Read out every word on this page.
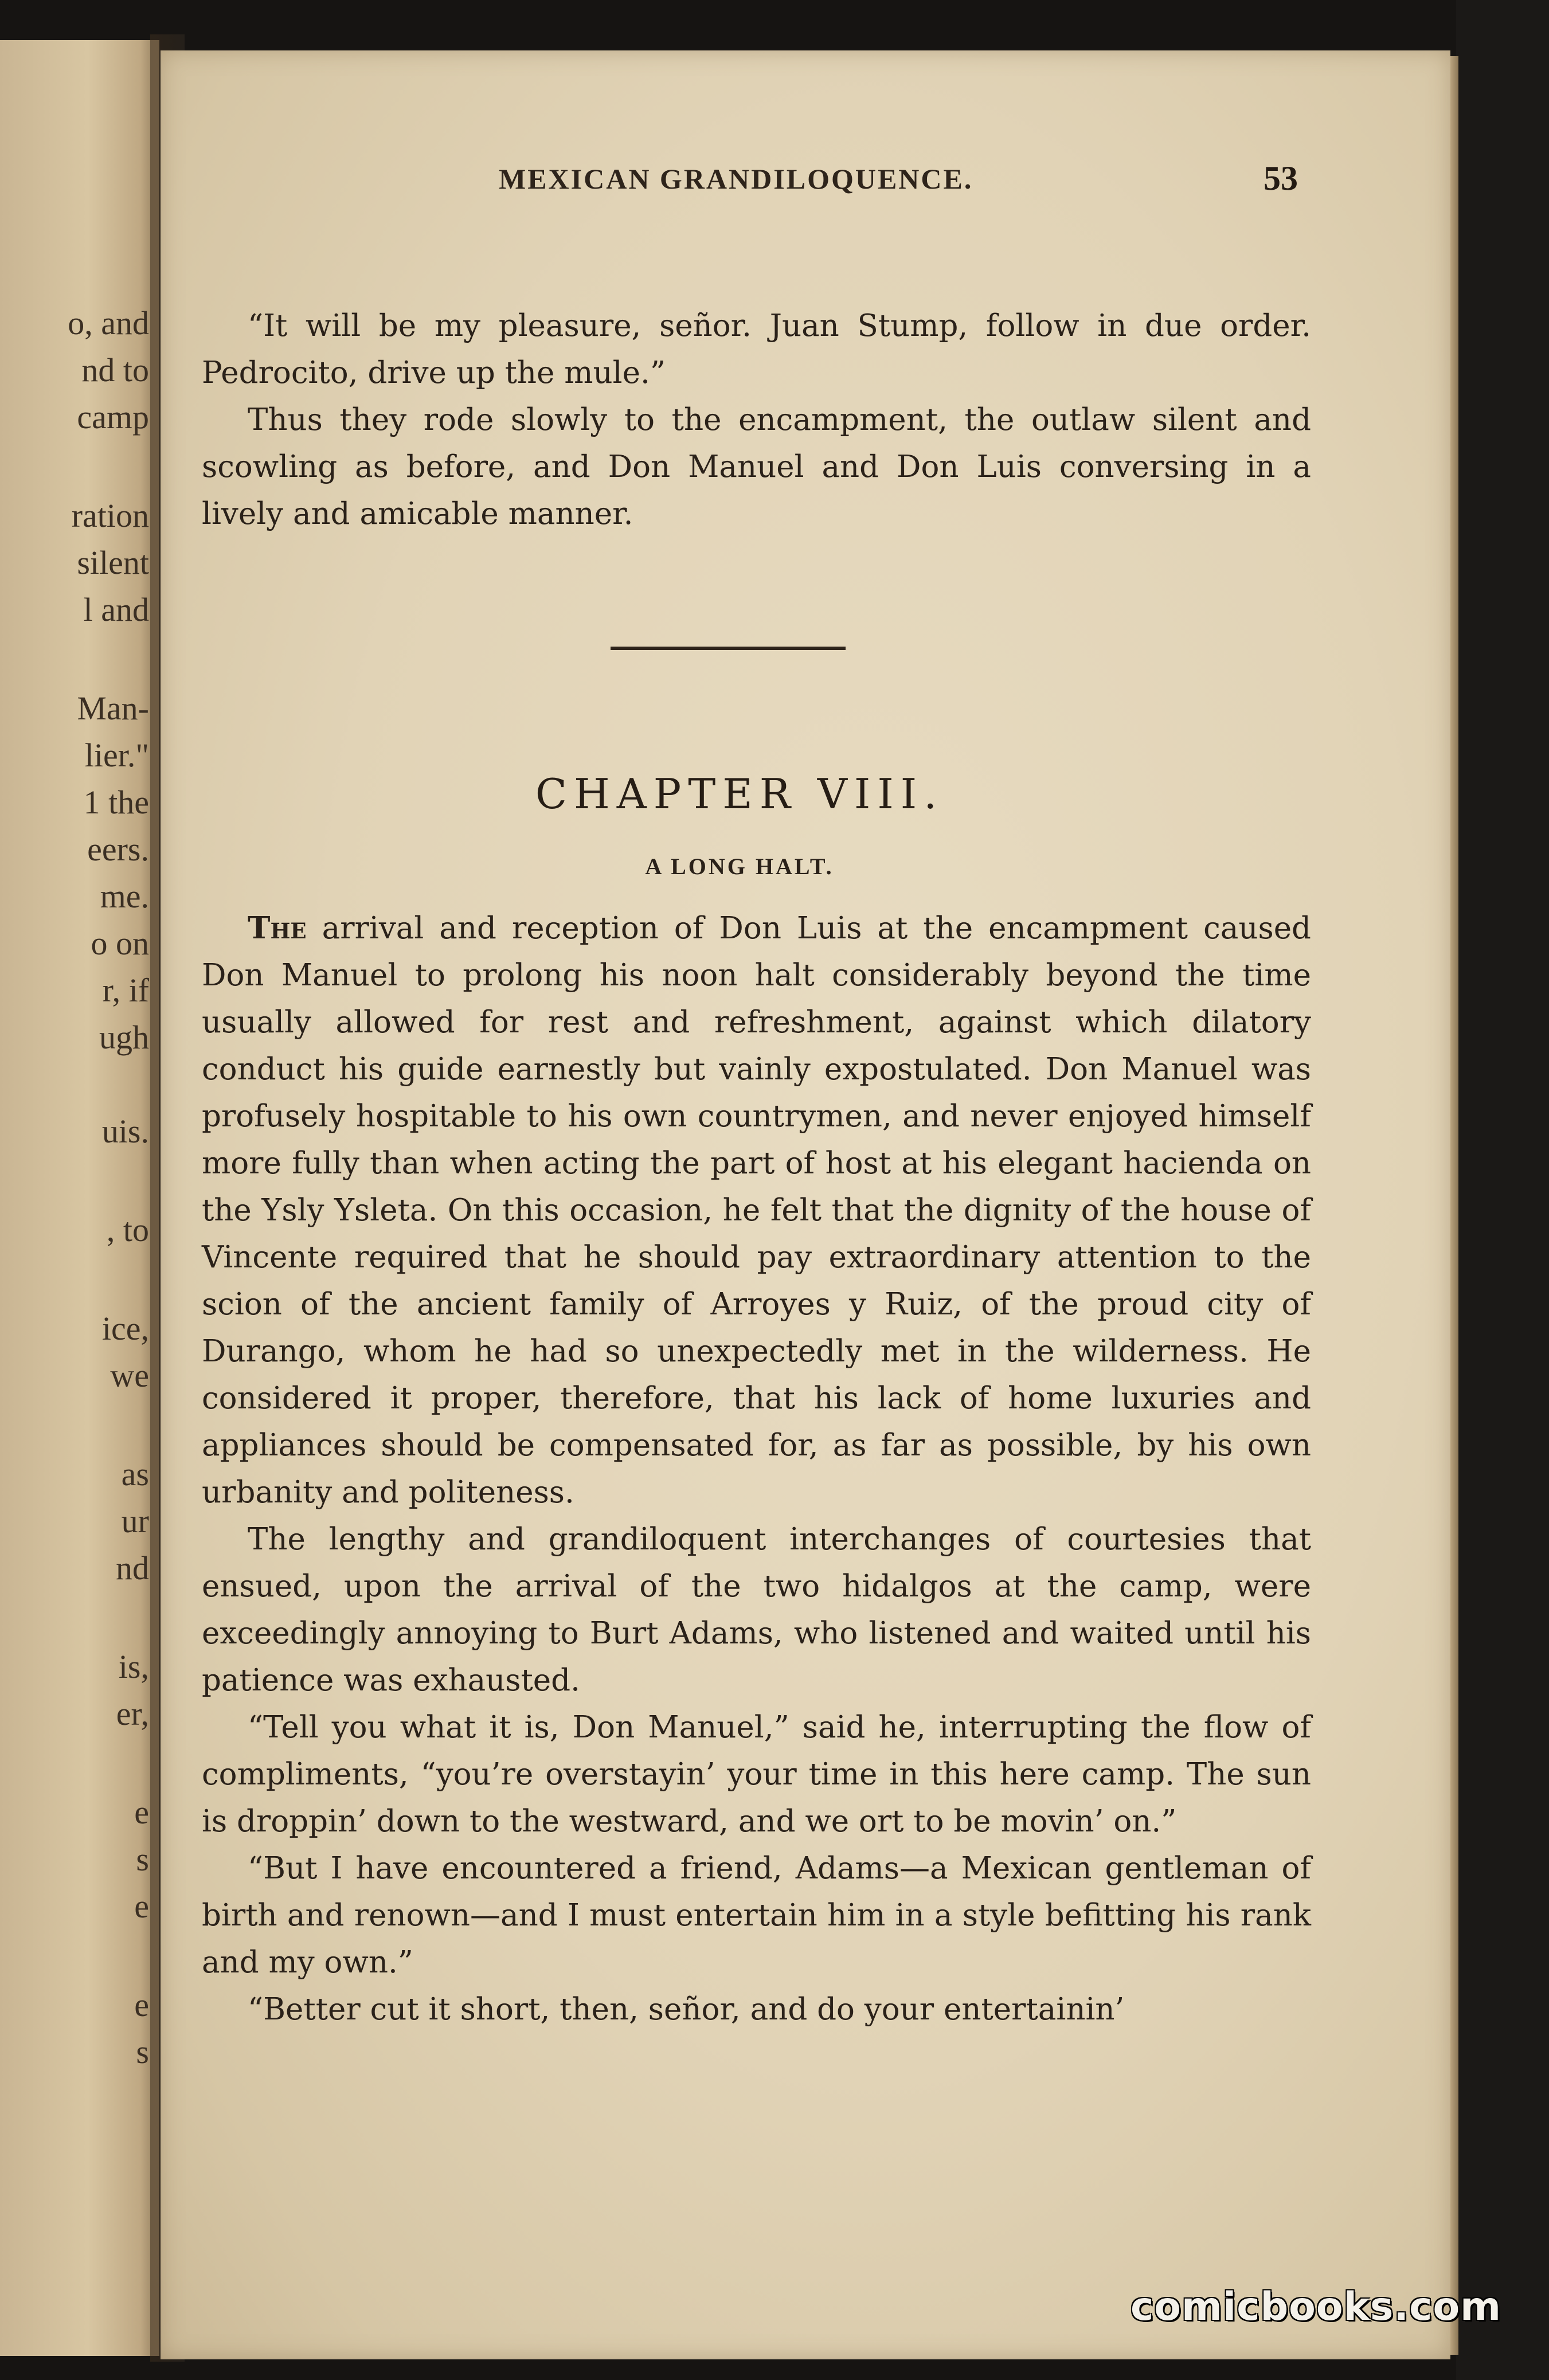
o, and
nd to
camp
ration
silent
l and
Man-
lier."
1 the
eers.
me.
o on
r, if
ugh
uis.
, to
ice,
we
as
ur
nd
is,
er,
e
s
e
e
s
MEXICAN GRANDILOQUENCE.	53

“It will be my pleasure, señor. Juan Stump, follow in due order. Pedrocito, drive up the mule.”

Thus they rode slowly to the encampment, the outlaw silent and scowling as before, and Don Manuel and Don Luis conversing in a lively and amicable manner.

CHAPTER VIII.
A LONG HALT.

The arrival and reception of Don Luis at the encampment caused Don Manuel to prolong his noon halt considerably beyond the time usually allowed for rest and refreshment, against which dilatory conduct his guide earnestly but vainly expostulated. Don Manuel was profusely hospitable to his own countrymen, and never enjoyed himself more fully than when acting the part of host at his elegant hacienda on the Ysly Ysleta. On this occasion, he felt that the dignity of the house of Vincente required that he should pay extraordinary attention to the scion of the ancient family of Arroyes y Ruiz, of the proud city of Durango, whom he had so unexpectedly met in the wilderness. He considered it proper, therefore, that his lack of home luxuries and appliances should be compensated for, as far as possible, by his own urbanity and politeness.

The lengthy and grandiloquent interchanges of courtesies that ensued, upon the arrival of the two hidalgos at the camp, were exceedingly annoying to Burt Adams, who listened and waited until his patience was exhausted.

“Tell you what it is, Don Manuel,” said he, interrupting the flow of compliments, “you’re overstayin’ your time in this here camp. The sun is droppin’ down to the westward, and we ort to be movin’ on.”

“But I have encountered a friend, Adams—a Mexican gentleman of birth and renown—and I must entertain him in a style befitting his rank and my own.”

“Better cut it short, then, señor, and do your entertainin’

comicbooks.com
